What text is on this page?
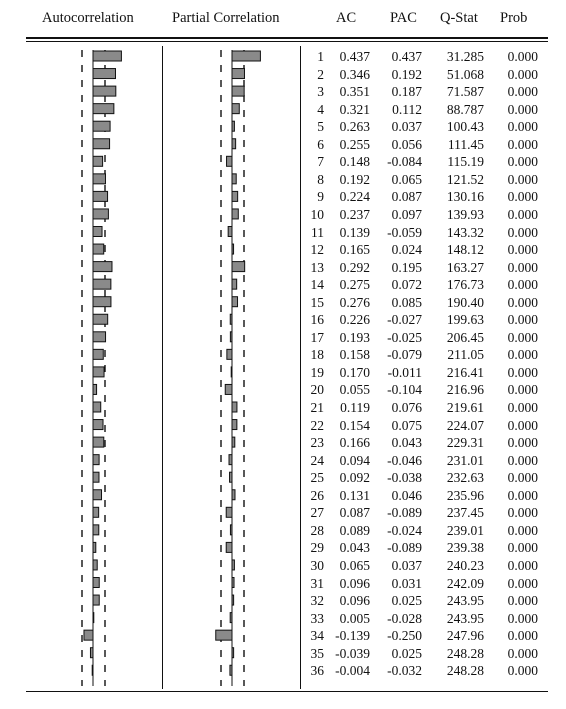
Autocorrelation	Partial Correlation	AC PAC Q-Stat Prob
1	0.437	0.437	31.285	0.000
2	0.346	0.192	51.068	0.000
3	0.351	0.187	71.587	0.000
4	0.321	0.112	88.787	0.000
5	0.263	0.037	100.43	0.000
6	0.255	0.056	111.45	0.000
7	0.148	-0.084	115.19	0.000
8	0.192	0.065	121.52	0.000
9	0.224	0.087	130.16	0.000
10	0.237	0.097	139.93	0.000
11	0.139	-0.059	143.32	0.000
12	0.165	0.024	148.12	0.000
13	0.292	0.195	163.27	0.000
14	0.275	0.072	176.73	0.000
15	0.276	0.085	190.40	0.000
16	0.226	-0.027	199.63	0.000
17	0.193	-0.025	206.45	0.000
18	0.158	-0.079	211.05	0.000
19	0.170	-0.011	216.41	0.000
20	0.055	-0.104	216.96	0.000
21	0.119	0.076	219.61	0.000
22	0.154	0.075	224.07	0.000
23	0.166	0.043	229.31	0.000
24	0.094	-0.046	231.01	0.000
25	0.092	-0.038	232.63	0.000
26	0.131	0.046	235.96	0.000
27	0.087	-0.089	237.45	0.000
28	0.089	-0.024	239.01	0.000
29	0.043	-0.089	239.38	0.000
30	0.065	0.037	240.23	0.000
31	0.096	0.031	242.09	0.000
32	0.096	0.025	243.95	0.000
33	0.005	-0.028	243.95	0.000
34 -0.139	-0.250	247.96	0.000
35 -0.039	0.025	248.28	0.000
36 -0.004	-0.032	248.28	0.000
